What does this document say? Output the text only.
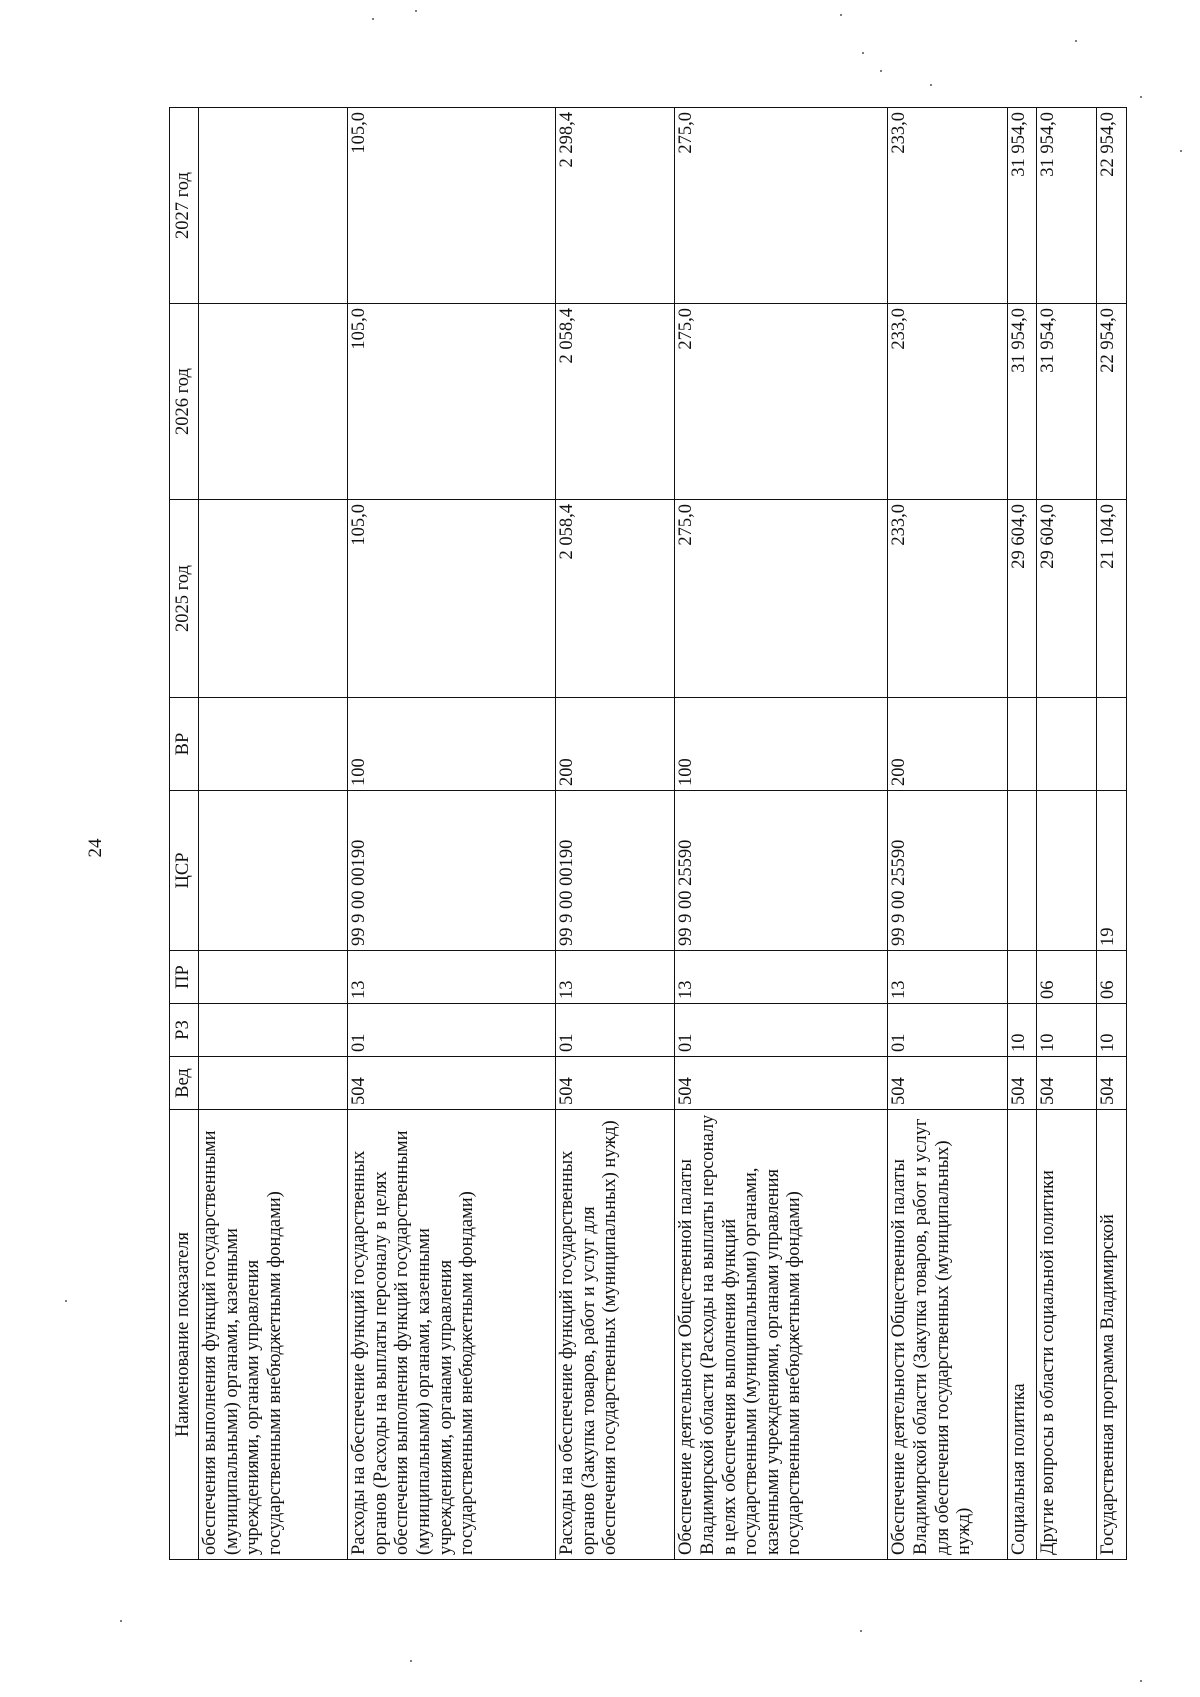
24
Наименование показателя	Вед	РЗ	ПР	ЦСР	ВР	2025 год	2026 год	2027 год
обеспечения выполнения функций государственными (муниципальными) органами, казенными учреждениями, органами управления государственными внебюджетными фондами)								
Расходы на обеспечение функций государственных органов (Расходы на выплаты персоналу в целях обеспечения выполнения функций государственными (муниципальными) органами, казенными учреждениями, органами управления государственными внебюджетными фондами)	504	01	13	99 9 00 00190	100	105,0	105,0	105,0
Расходы на обеспечение функций государственных органов (Закупка товаров, работ и услуг для обеспечения государственных (муниципальных) нужд)	504	01	13	99 9 00 00190	200	2 058,4	2 058,4	2 298,4
Обеспечение деятельности Общественной палаты Владимирской области (Расходы на выплаты персоналу в целях обеспечения выполнения функций государственными (муниципальными) органами, казенными учреждениями, органами управления государственными внебюджетными фондами)	504	01	13	99 9 00 25590	100	275,0	275,0	275,0
Обеспечение деятельности Общественной палаты Владимирской области (Закупка товаров, работ и услуг для обеспечения государственных (муниципальных) нужд)	504	01	13	99 9 00 25590	200	233,0	233,0	233,0
Социальная политика	504	10				29 604,0	31 954,0	31 954,0
Другие вопросы в области социальной политики	504	10	06			29 604,0	31 954,0	31 954,0
Государственная программа Владимирской	504	10	06	19		21 104,0	22 954,0	22 954,0
